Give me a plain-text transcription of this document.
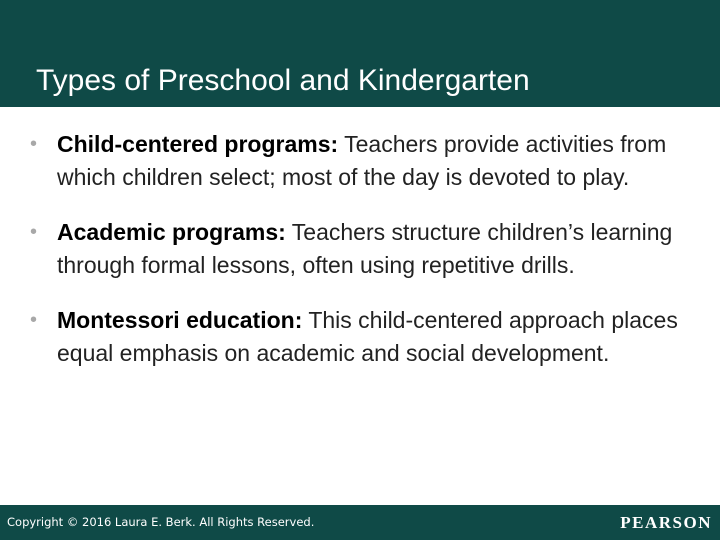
Types of Preschool and Kindergarten
• Child-centered programs: Teachers provide activities from which children select; most of the day is devoted to play.
• Academic programs: Teachers structure children’s learning through formal lessons, often using repetitive drills.
• Montessori education: This child-centered approach places equal emphasis on academic and social development.
Copyright © 2016 Laura E. Berk. All Rights Reserved.	PEARSON
